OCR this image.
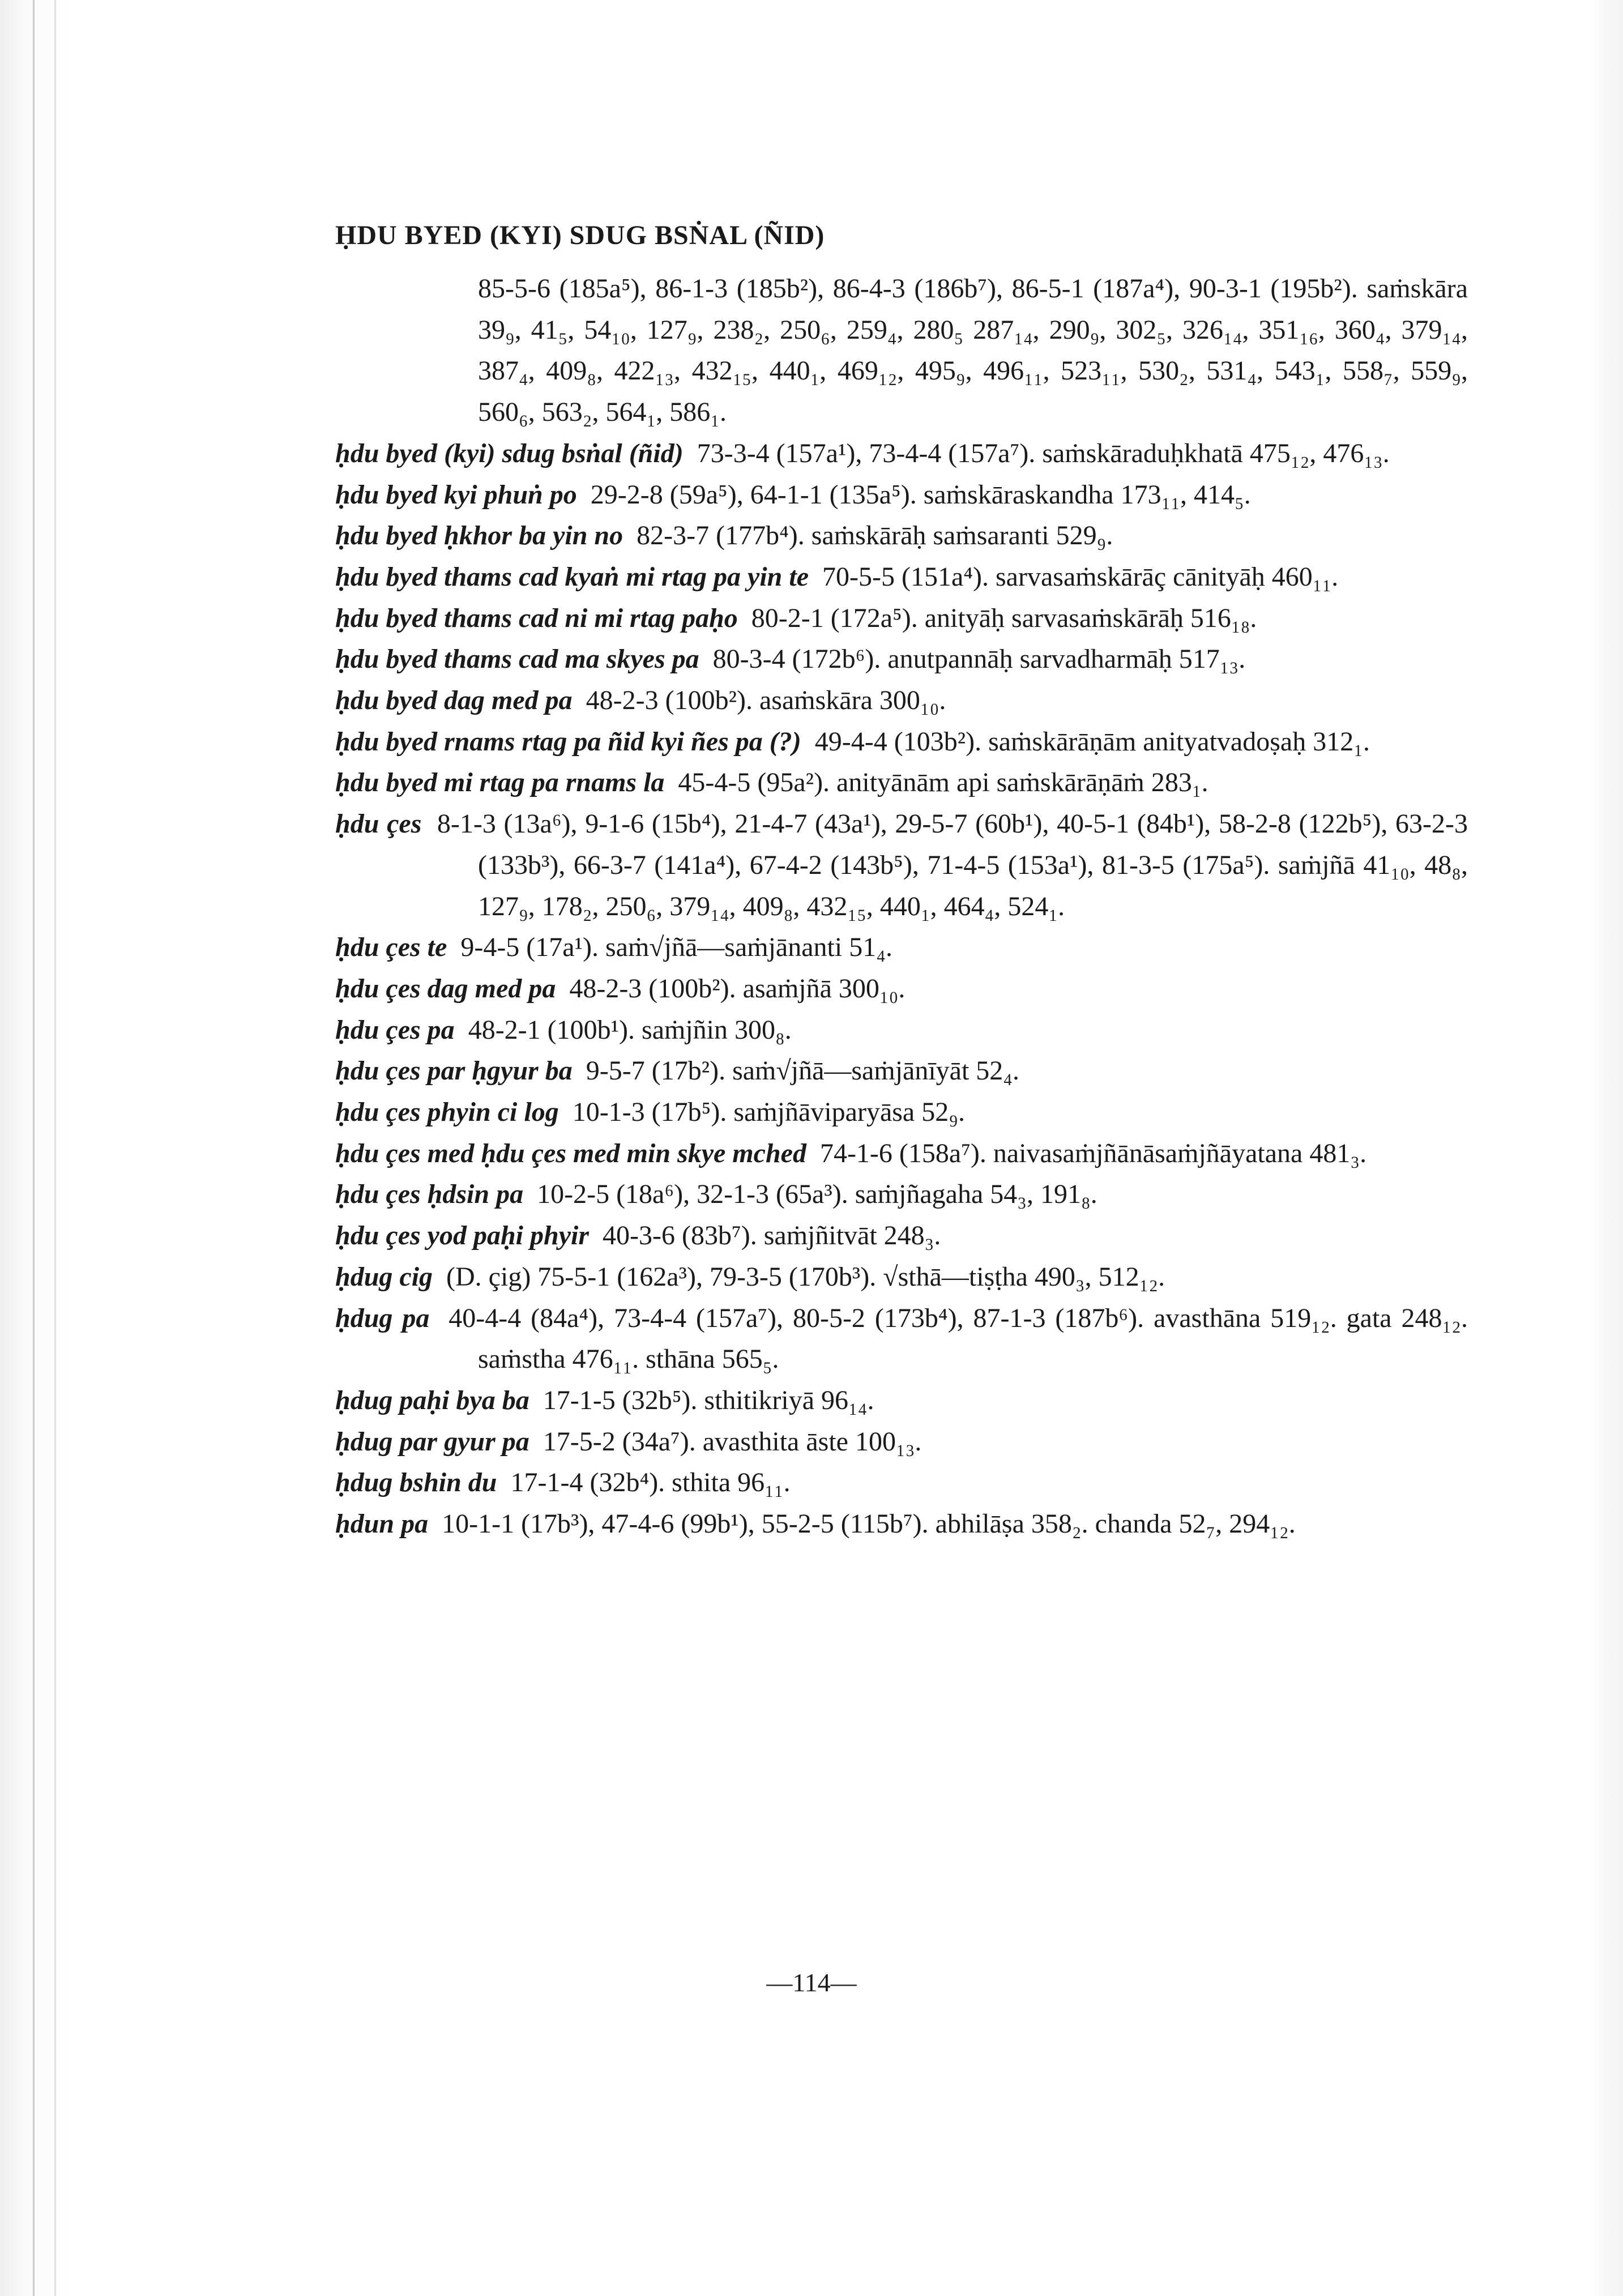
ḤDU BYED (KYI) SDUG BSṄAL (ÑID)

85-5-6 (185a⁵), 86-1-3 (185b²), 86-4-3 (186b⁷), 86-5-1 (187a⁴), 90-3-1 (195b²). saṁskāra 39₉, 41₅, 54₁₀, 127₉, 238₂, 250₆, 259₄, 280₅ 287₁₄, 290₉, 302₅, 326₁₄, 351₁₆, 360₄, 379₁₄, 387₄, 409₈, 422₁₃, 432₁₅, 440₁, 469₁₂, 495₉, 496₁₁, 523₁₁, 530₂, 531₄, 543₁, 558₇, 559₉, 560₆, 563₂, 564₁, 586₁.

ḥdu byed (kyi) sdug bsṅal (ñid) 73-3-4 (157a¹), 73-4-4 (157a⁷). saṁskāraduḥkhatā 475₁₂, 476₁₃.

ḥdu byed kyi phuṅ po 29-2-8 (59a⁵), 64-1-1 (135a⁵). saṁskāraskandha 173₁₁, 414₅.

ḥdu byed ḥkhor ba yin no 82-3-7 (177b⁴). saṁskārāḥ saṁsaranti 529₉.

ḥdu byed thams cad kyaṅ mi rtag pa yin te 70-5-5 (151a⁴). sarvasaṁskārāç cānityāḥ 460₁₁.

ḥdu byed thams cad ni mi rtag paḥo 80-2-1 (172a⁵). anityāḥ sarvasaṁskārāḥ 516₁₈.

ḥdu byed thams cad ma skyes pa 80-3-4 (172b⁶). anutpannāḥ sarvadharmāḥ 517₁₃.

ḥdu byed dag med pa 48-2-3 (100b²). asaṁskāra 300₁₀.

ḥdu byed rnams rtag pa ñid kyi ñes pa (?) 49-4-4 (103b²). saṁskārāṇām anityatvadoṣaḥ 312₁.

ḥdu byed mi rtag pa rnams la 45-4-5 (95a²). anityānām api saṁskārāṇāṁ 283₁.

ḥdu çes 8-1-3 (13a⁶), 9-1-6 (15b⁴), 21-4-7 (43a¹), 29-5-7 (60b¹), 40-5-1 (84b¹), 58-2-8 (122b⁵), 63-2-3 (133b³), 66-3-7 (141a⁴), 67-4-2 (143b⁵), 71-4-5 (153a¹), 81-3-5 (175a⁵). saṁjñā 41₁₀, 48₈, 127₉, 178₂, 250₆, 379₁₄, 409₈, 432₁₅, 440₁, 464₄, 524₁.

ḥdu çes te 9-4-5 (17a¹). saṁ√jñā—saṁjānanti 51₄.

ḥdu çes dag med pa 48-2-3 (100b²). asaṁjñā 300₁₀.

ḥdu çes pa 48-2-1 (100b¹). saṁjñin 300₈.

ḥdu çes par ḥgyur ba 9-5-7 (17b²). saṁ√jñā—saṁjānīyāt 52₄.

ḥdu çes phyin ci log 10-1-3 (17b⁵). saṁjñāviparyāsa 52₉.

ḥdu çes med ḥdu çes med min skye mched 74-1-6 (158a⁷). naivasaṁjñānāsaṁjñāyatana 481₃.

ḥdu çes ḥdsin pa 10-2-5 (18a⁶), 32-1-3 (65a³). saṁjñagaha 54₃, 191₈.

ḥdu çes yod paḥi phyir 40-3-6 (83b⁷). saṁjñitvāt 248₃.

ḥdug cig (D. çig) 75-5-1 (162a³), 79-3-5 (170b³). √sthā—tiṣṭha 490₃, 512₁₂.

ḥdug pa 40-4-4 (84a⁴), 73-4-4 (157a⁷), 80-5-2 (173b⁴), 87-1-3 (187b⁶). avasthāna 519₁₂. gata 248₁₂. saṁstha 476₁₁. sthāna 565₅.

ḥdug paḥi bya ba 17-1-5 (32b⁵). sthitikriyā 96₁₄.

ḥdug par gyur pa 17-5-2 (34a⁷). avasthita āste 100₁₃.

ḥdug bshin du 17-1-4 (32b⁴). sthita 96₁₁.

ḥdun pa 10-1-1 (17b³), 47-4-6 (99b¹), 55-2-5 (115b⁷). abhilāṣa 358₂. chanda 52₇, 294₁₂.

—114—
